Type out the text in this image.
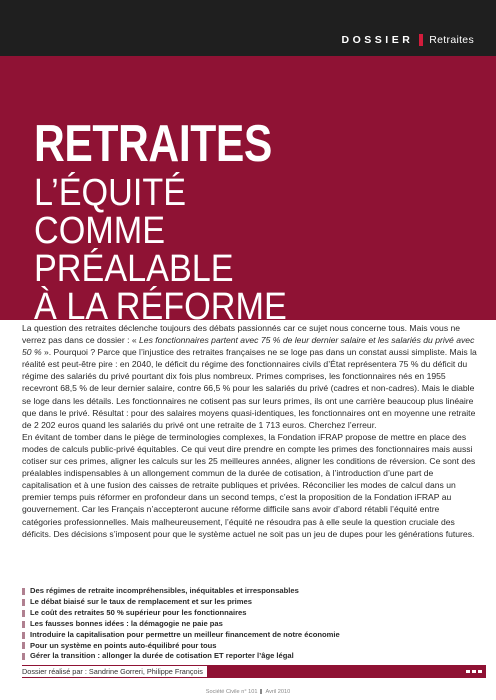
DOSSIER Retraites
RETRAITES
L’ÉQUITÉ
COMME
PRÉALABLE
À LA RÉFORME

La question des retraites déclenche toujours des débats passionnés car ce sujet nous concerne tous. Mais vous ne verrez pas dans ce dossier : « Les fonctionnaires partent avec 75 % de leur dernier salaire et les salariés du privé avec 50 % ». Pourquoi ? Parce que l’injustice des retraites françaises ne se loge pas dans un constat aussi simpliste. Mais la réalité est peut-être pire : en 2040, le déficit du régime des fonctionnaires civils d’État représentera 75 % du déficit du régime des salariés du privé pourtant dix fois plus nombreux. Primes comprises, les fonctionnaires nés en 1955 recevront 68,5 % de leur dernier salaire, contre 66,5 % pour les salariés du privé (cadres et non-cadres). Mais le diable se loge dans les détails. Les fonctionnaires ne cotisent pas sur leurs primes, ils ont une carrière beaucoup plus linéaire que dans le privé. Résultat : pour des salaires moyens quasi-identiques, les fonctionnaires ont en moyenne une retraite de 2 202 euros quand les salariés du privé ont une retraite de 1 713 euros. Cherchez l’erreur.

En évitant de tomber dans le piège de terminologies complexes, la Fondation iFRAP propose de mettre en place des modes de calculs public-privé équitables. Ce qui veut dire prendre en compte les primes des fonctionnaires mais aussi cotiser sur ces primes, aligner les calculs sur les 25 meilleures années, aligner les conditions de réversion. Ce sont des préalables indispensables à un allongement commun de la durée de cotisation, à l’introduction d’une part de capitalisation et à une fusion des caisses de retraite publiques et privées. Réconcilier les modes de calcul dans un premier temps puis réformer en profondeur dans un second temps, c’est la proposition de la Fondation iFRAP au gouvernement. Car les Français n’accepteront aucune réforme difficile sans avoir d’abord rétabli l’équité entre catégories professionnelles. Mais malheureusement, l’équité ne résoudra pas à elle seule la question cruciale des déficits. Des décisions s’imposent pour que le système actuel ne soit pas un jeu de dupes pour les générations futures.

Des régimes de retraite incompréhensibles, inéquitables et irresponsables
Le débat biaisé sur le taux de remplacement et sur les primes
Le coût des retraites 50 % supérieur pour les fonctionnaires
Les fausses bonnes idées : la démagogie ne paie pas
Introduire la capitalisation pour permettre un meilleur financement de notre économie
Pour un système en points auto-équilibré pour tous
Gérer la transition : allonger la durée de cotisation ET reporter l’âge légal
Dossier réalisé par : Sandrine Gorreri, Philippe François
Société Civile n° 101 Avril 2010
